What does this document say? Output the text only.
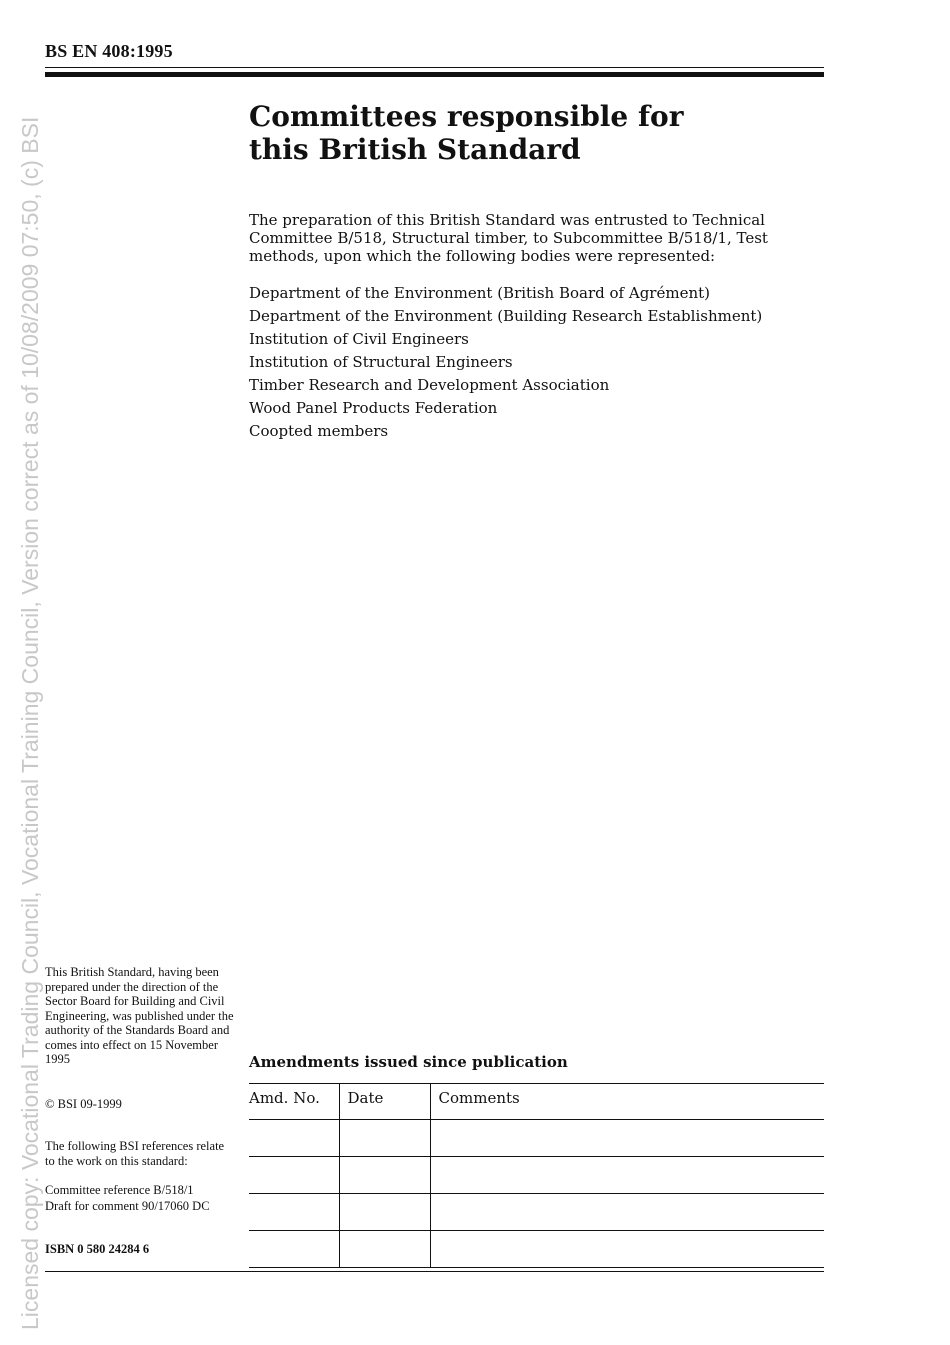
Licensed copy: Vocational Trading Council, Vocational Training Council, Version correct as of 10/08/2009 07:50, (c) BSI
BS EN 408:1995
Committees responsible for this British Standard
The preparation of this British Standard was entrusted to Technical Committee B/518, Structural timber, to Subcommittee B/518/1, Test methods, upon which the following bodies were represented:
Department of the Environment (British Board of Agrément)
Department of the Environment (Building Research Establishment)
Institution of Civil Engineers
Institution of Structural Engineers
Timber Research and Development Association
Wood Panel Products Federation
Coopted members
This British Standard, having been prepared under the direction of the Sector Board for Building and Civil Engineering, was published under the authority of the Standards Board and comes into effect on 15 November 1995
© BSI 09-1999
The following BSI references relate to the work on this standard:
Committee reference B/518/1
Draft for comment 90/17060 DC
ISBN 0 580 24284 6
Amendments issued since publication
Amd. No.	Date	Comments
